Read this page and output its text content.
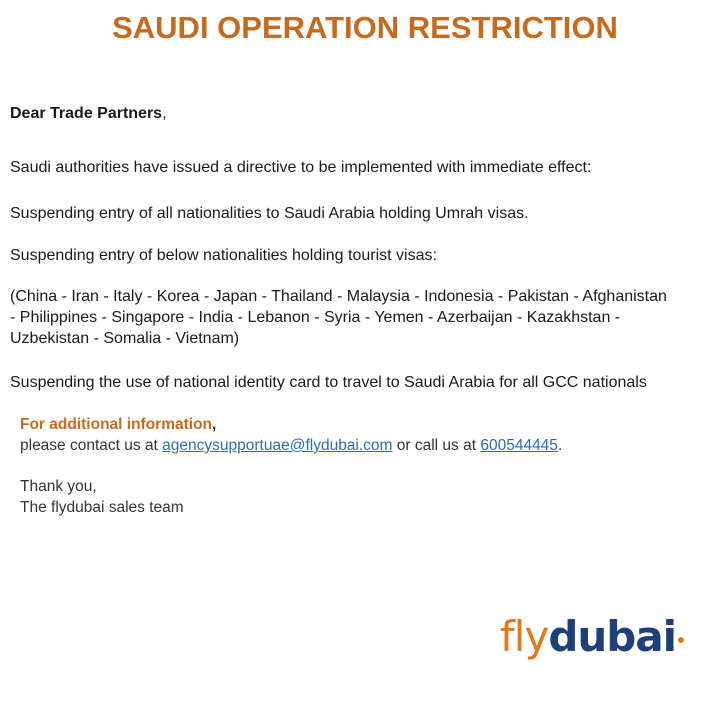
SAUDI OPERATION RESTRICTION
Dear Trade Partners,
Saudi authorities have issued a directive to be implemented with immediate effect:
Suspending entry of all nationalities to Saudi Arabia holding Umrah visas.
Suspending entry of below nationalities holding tourist visas:
(China - Iran - Italy - Korea - Japan - Thailand - Malaysia - Indonesia - Pakistan - Afghanistan
- Philippines - Singapore - India - Lebanon - Syria - Yemen - Azerbaijan - Kazakhstan -
Uzbekistan - Somalia - Vietnam)
Suspending the use of national identity card to travel to Saudi Arabia for all GCC nationals
For additional information,
please contact us at agencysupportuae@flydubai.com or call us at 600544445.
Thank you,
The flydubai sales team
flydubai
